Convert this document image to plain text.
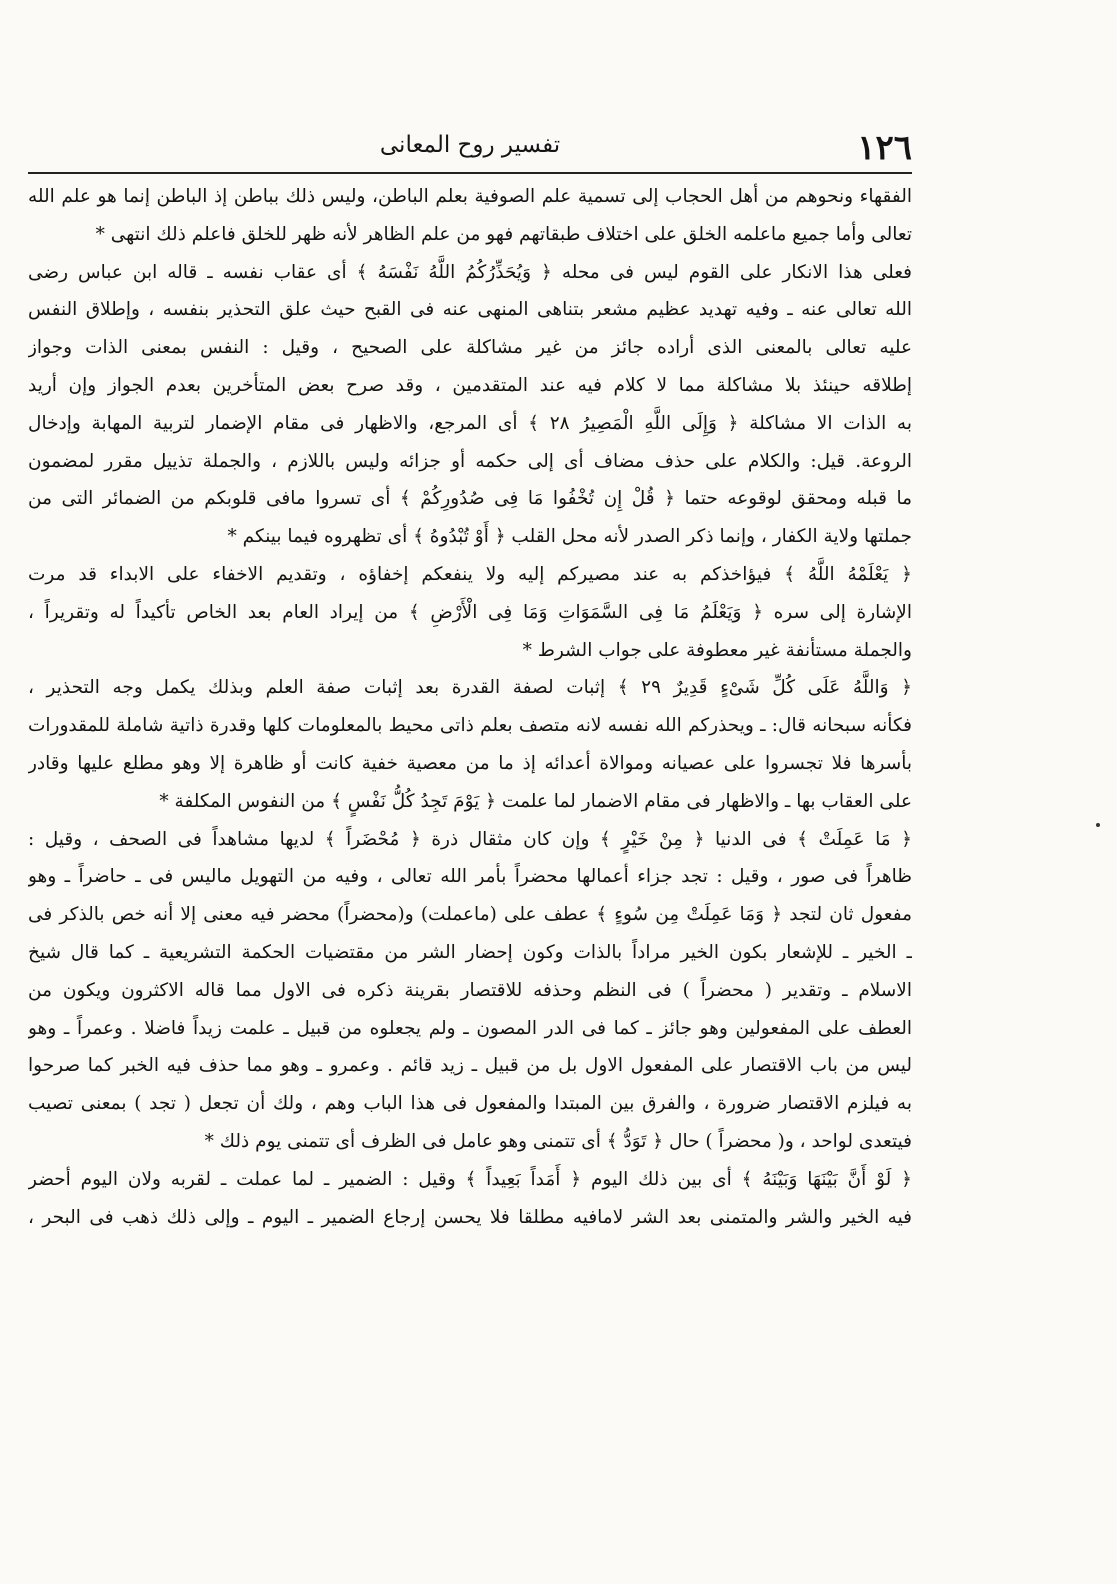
١٢٦
تفسير روح المعانى
الفقهاء ونحوهم من أهل الحجاب إلى تسمية علم الصوفية بعلم الباطن، وليس ذلك بباطن إذ الباطن إنما هو علم الله
تعالى وأما جميع ماعلمه الخلق على اختلاف طبقاتهم فهو من علم الظاهر لأنه ظهر للخلق فاعلم ذلك انتهى *
فعلى هذا الانكار على القوم ليس فى محله ﴿ وَيُحَذِّرُكُمُ اللَّهُ نَفْسَهُ ﴾ أى عقاب نفسه ـ قاله ابن عباس رضى
الله تعالى عنه ـ وفيه تهديد عظيم مشعر بتناهى المنهى عنه فى القبح حيث علق التحذير بنفسه ، وإطلاق النفس
عليه تعالى بالمعنى الذى أراده جائز من غير مشاكلة على الصحيح ، وقيل : النفس بمعنى الذات وجواز
إطلاقه حينئذ بلا مشاكلة مما لا كلام فيه عند المتقدمين ، وقد صرح بعض المتأخرين بعدم الجواز وإن أريد
به الذات الا مشاكلة ﴿ وَإِلَى اللَّهِ الْمَصِيرُ ٢٨ ﴾ أى المرجع، والاظهار فى مقام الإضمار لتربية المهابة وإدخال
الروعة. قيل: والكلام على حذف مضاف أى إلى حكمه أو جزائه وليس باللازم ، والجملة تذييل مقرر لمضمون
ما قبله ومحقق لوقوعه حتما ﴿ قُلْ إِن تُخْفُوا مَا فِى صُدُورِكُمْ ﴾ أى تسروا مافى قلوبكم من الضمائر التى من
جملتها ولاية الكفار ، وإنما ذكر الصدر لأنه محل القلب ﴿ أَوْ تُبْدُوهُ ﴾ أى تظهروه فيما بينكم *
﴿ يَعْلَمْهُ اللَّهُ ﴾ فيؤاخذكم به عند مصيركم إليه ولا ينفعكم إخفاؤه ، وتقديم الاخفاء على الابداء قد مرت
الإشارة إلى سره ﴿ وَيَعْلَمُ مَا فِى السَّمَوَاتِ وَمَا فِى الْأَرْضِ ﴾ من إيراد العام بعد الخاص تأكيداً له وتقريراً ،
والجملة مستأنفة غير معطوفة على جواب الشرط *
﴿ وَاللَّهُ عَلَى كُلِّ شَىْءٍ قَدِيرٌ ٢٩ ﴾ إثبات لصفة القدرة بعد إثبات صفة العلم وبذلك يكمل وجه التحذير ،
فكأنه سبحانه قال: ـ ويحذركم الله نفسه لانه متصف بعلم ذاتى محيط بالمعلومات كلها وقدرة ذاتية شاملة للمقدورات
بأسرها فلا تجسروا على عصيانه وموالاة أعدائه إذ ما من معصية خفية كانت أو ظاهرة إلا وهو مطلع عليها وقادر
على العقاب بها ـ والاظهار فى مقام الاضمار لما علمت ﴿ يَوْمَ تَجِدُ كُلُّ نَفْسٍ ﴾ من النفوس المكلفة *
﴿ مَا عَمِلَتْ ﴾ فى الدنيا ﴿ مِنْ خَيْرٍ ﴾ وإن كان مثقال ذرة ﴿ مُحْضَراً ﴾ لديها مشاهداً فى الصحف ، وقيل :
ظاهراً فى صور ، وقيل : تجد جزاء أعمالها محضراً بأمر الله تعالى ، وفيه من التهويل ماليس فى ـ حاضراً ـ وهو
مفعول ثان لتجد ﴿ وَمَا عَمِلَتْ مِن سُوءٍ ﴾ عطف على (ماعملت) و(محضراً) محضر فيه معنى إلا أنه خص بالذكر فى
ـ الخير ـ للإشعار بكون الخير مراداً بالذات وكون إحضار الشر من مقتضيات الحكمة التشريعية ـ كما قال شيخ
الاسلام ـ وتقدير ( محضراً ) فى النظم وحذفه للاقتصار بقرينة ذكره فى الاول مما قاله الاكثرون ويكون من
العطف على المفعولين وهو جائز ـ كما فى الدر المصون ـ ولم يجعلوه من قبيل ـ علمت زيداً فاضلا . وعمراً ـ وهو
ليس من باب الاقتصار على المفعول الاول بل من قبيل ـ زيد قائم . وعمرو ـ وهو مما حذف فيه الخبر كما صرحوا
به فيلزم الاقتصار ضرورة ، والفرق بين المبتدا والمفعول فى هذا الباب وهم ، ولك أن تجعل ( تجد ) بمعنى تصيب
فيتعدى لواحد ، و( محضراً ) حال ﴿ تَوَدُّ ﴾ أى تتمنى وهو عامل فى الظرف أى تتمنى يوم ذلك *
﴿ لَوْ أَنَّ بَيْنَهَا وَبَيْنَهُ ﴾ أى بين ذلك اليوم ﴿ أَمَداً بَعِيداً ﴾ وقيل : الضمير ـ لما عملت ـ لقربه ولان اليوم أحضر
فيه الخير والشر والمتمنى بعد الشر لامافيه مطلقا فلا يحسن إرجاع الضمير ـ اليوم ـ وإلى ذلك ذهب فى البحر ،
